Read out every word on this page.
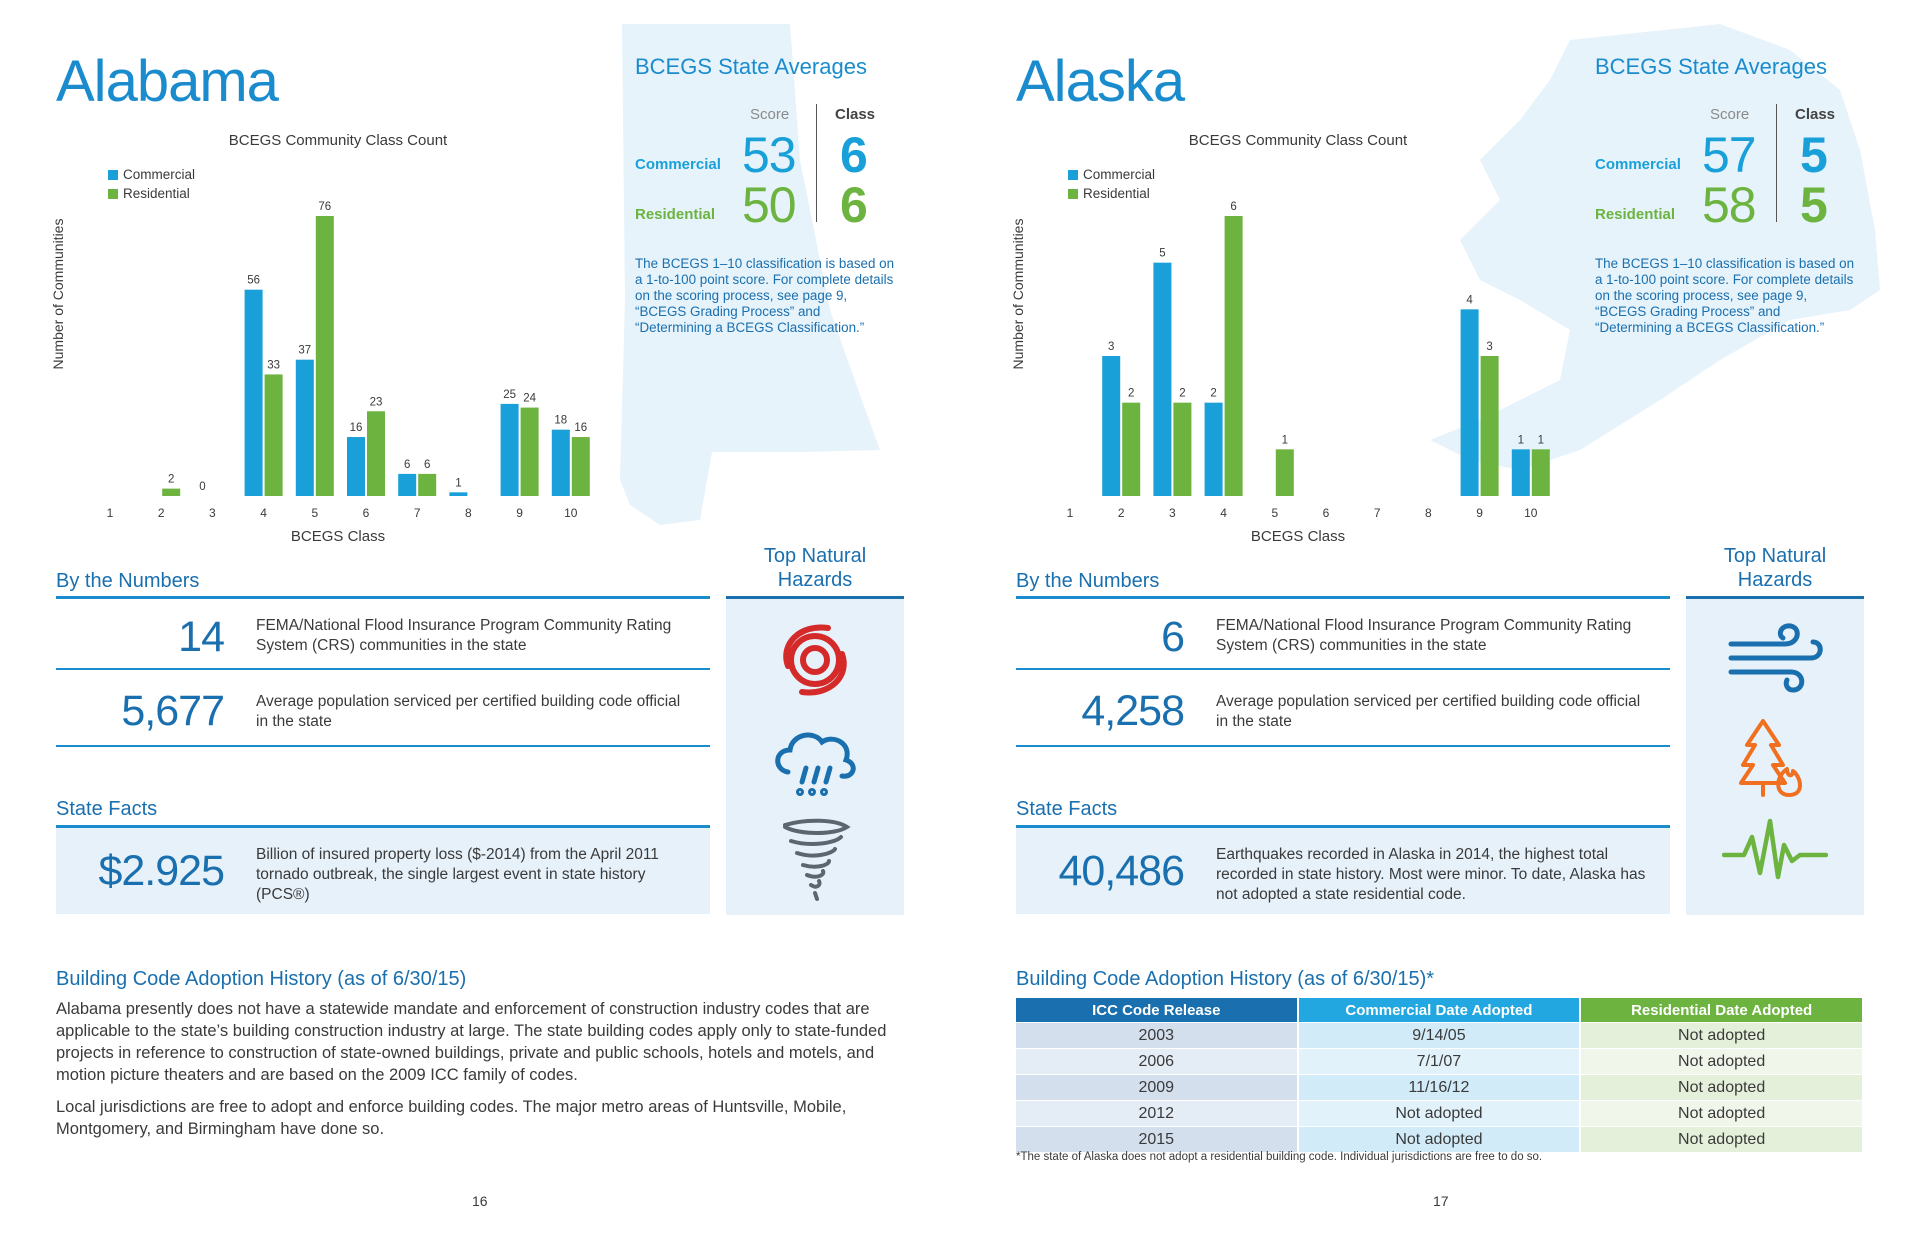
Alabama	BCEGS State Averages
Score	Class
Commercial 53 6
Residential 50 6
The BCEGS 1–10 classification is based on a 1-to-100 point score. For complete details on the scoring process, see page 9, “BCEGS Grading Process” and “Determining a BCEGS Classification.”
BCEGS Community Class Count
Commercial
Residential
Number of Communities
BCEGS Class
1	2
2
3
0
4
56
33
5
37
76
6
16
23
7
6 6
8
1
9
25 24
10
18
16
By the Numbers
14 FEMA/National Flood Insurance Program Community Rating System (CRS) communities in the state
5,677 Average population serviced per certified building code official in the state
State Facts
$2.925 Billion of insured property loss ($-2014) from the April 2011 tornado outbreak, the single largest event in state history (PCS®)
Top Natural Hazards
Building Code Adoption History (as of 6/30/15)

Alabama presently does not have a statewide mandate and enforcement of construction industry codes that are applicable to the state’s building construction industry at large. The state building codes apply only to state-funded projects in reference to construction of state-owned buildings, private and public schools, hotels and motels, and motion picture theaters and are based on the 2009 ICC family of codes.

Local jurisdictions are free to adopt and enforce building codes. The major metro areas of Huntsville, Mobile, Montgomery, and Birmingham have done so.

16
Alaska	BCEGS State Averages
Score	Class
Commercial 57 5
Residential 58 5
The BCEGS 1–10 classification is based on a 1-to-100 point score. For complete details on the scoring process, see page 9, “BCEGS Grading Process” and “Determining a BCEGS Classification.”
BCEGS Community Class Count
Commercial
Residential
Number of Communities
BCEGS Class
1	2
3
2
3
5
2
4
2
6
5
1
6	7	8	9
4
3
10
1 1
By the Numbers
6 FEMA/National Flood Insurance Program Community Rating System (CRS) communities in the state
4,258 Average population serviced per certified building code official in the state
State Facts
40,486 Earthquakes recorded in Alaska in 2014, the highest total recorded in state history. Most were minor. To date, Alaska has not adopted a state residential code.
Top Natural Hazards
Building Code Adoption History (as of 6/30/15)*
ICC Code Release	Commercial Date Adopted	Residential Date Adopted
2003	9/14/05	Not adopted
2006	7/1/07	Not adopted
2009	11/16/12	Not adopted
2012	Not adopted	Not adopted
2015	Not adopted	Not adopted
*The state of Alaska does not adopt a residential building code. Individual jurisdictions are free to do so.
17
